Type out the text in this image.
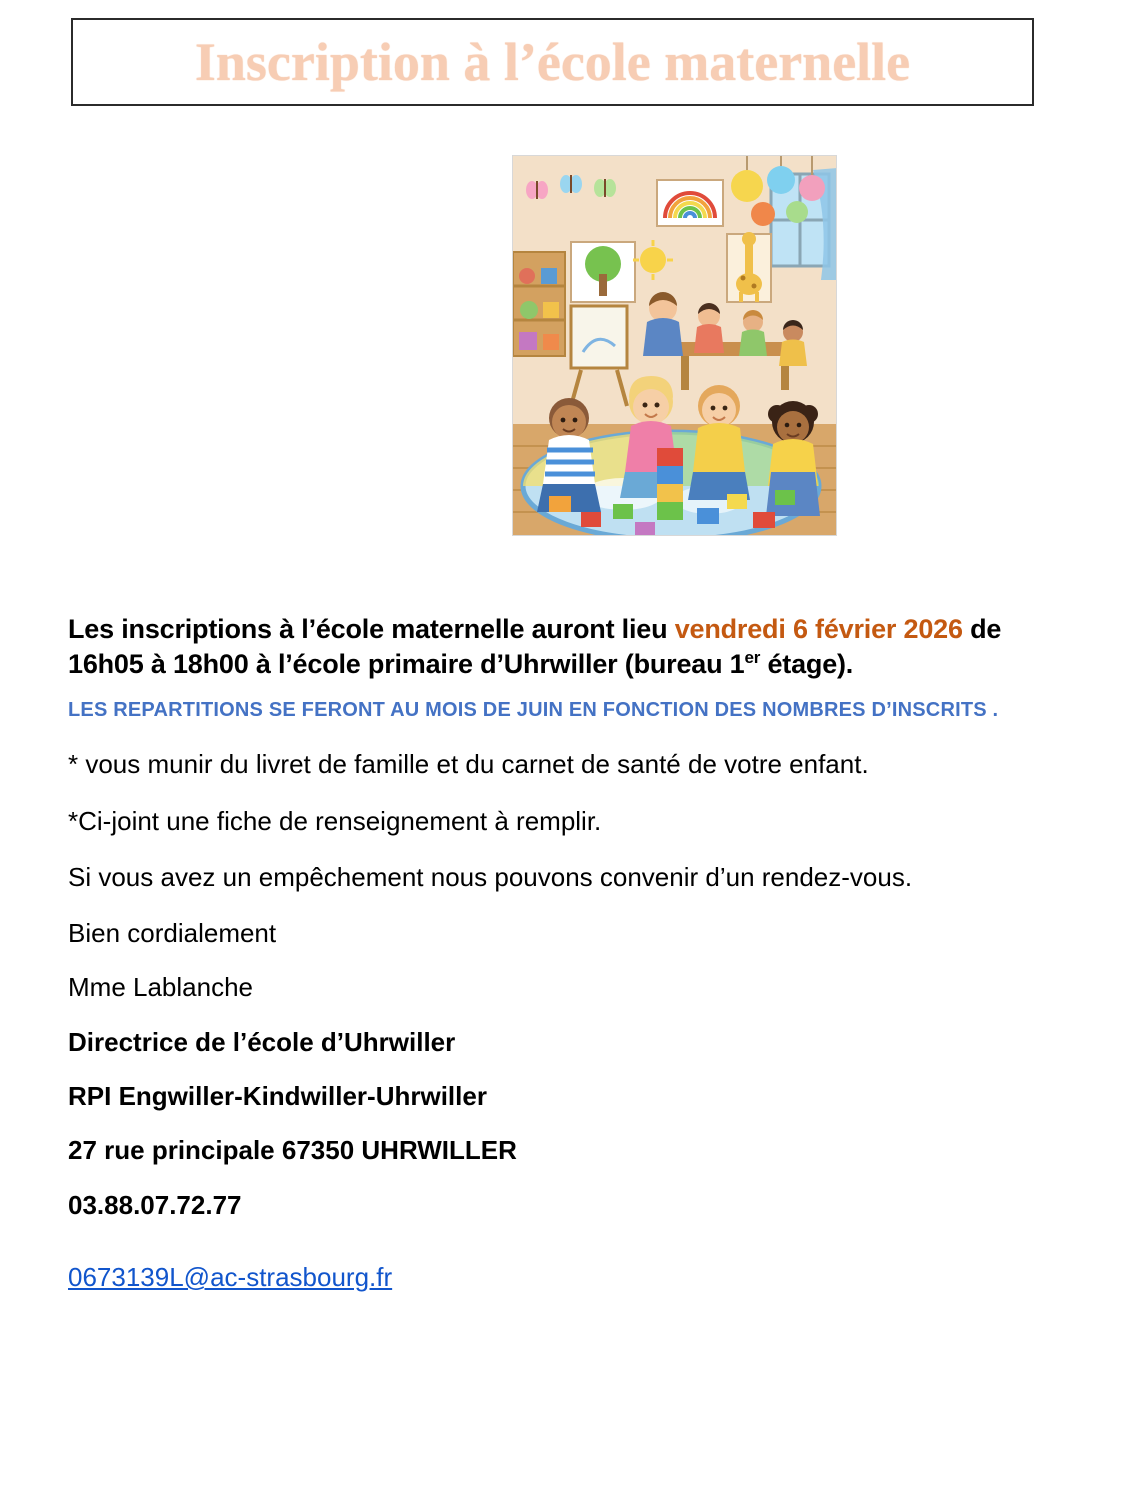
Inscription à l’école maternelle

Les inscriptions à l’école maternelle auront lieu vendredi 6 février 2026 de 16h05 à 18h00 à l’école primaire d’Uhrwiller (bureau 1er étage).

LES REPARTITIONS SE FERONT AU MOIS DE JUIN EN FONCTION DES NOMBRES D’INSCRITS .

* vous munir du livret de famille et du carnet de santé de votre enfant.

*Ci-joint une fiche de renseignement à remplir.

Si vous avez un empêchement nous pouvons convenir d’un rendez-vous.

Bien cordialement

Mme Lablanche

Directrice de l’école d’Uhrwiller

RPI Engwiller-Kindwiller-Uhrwiller

27 rue principale 67350 UHRWILLER

03.88.07.72.77

0673139L@ac-strasbourg.fr
